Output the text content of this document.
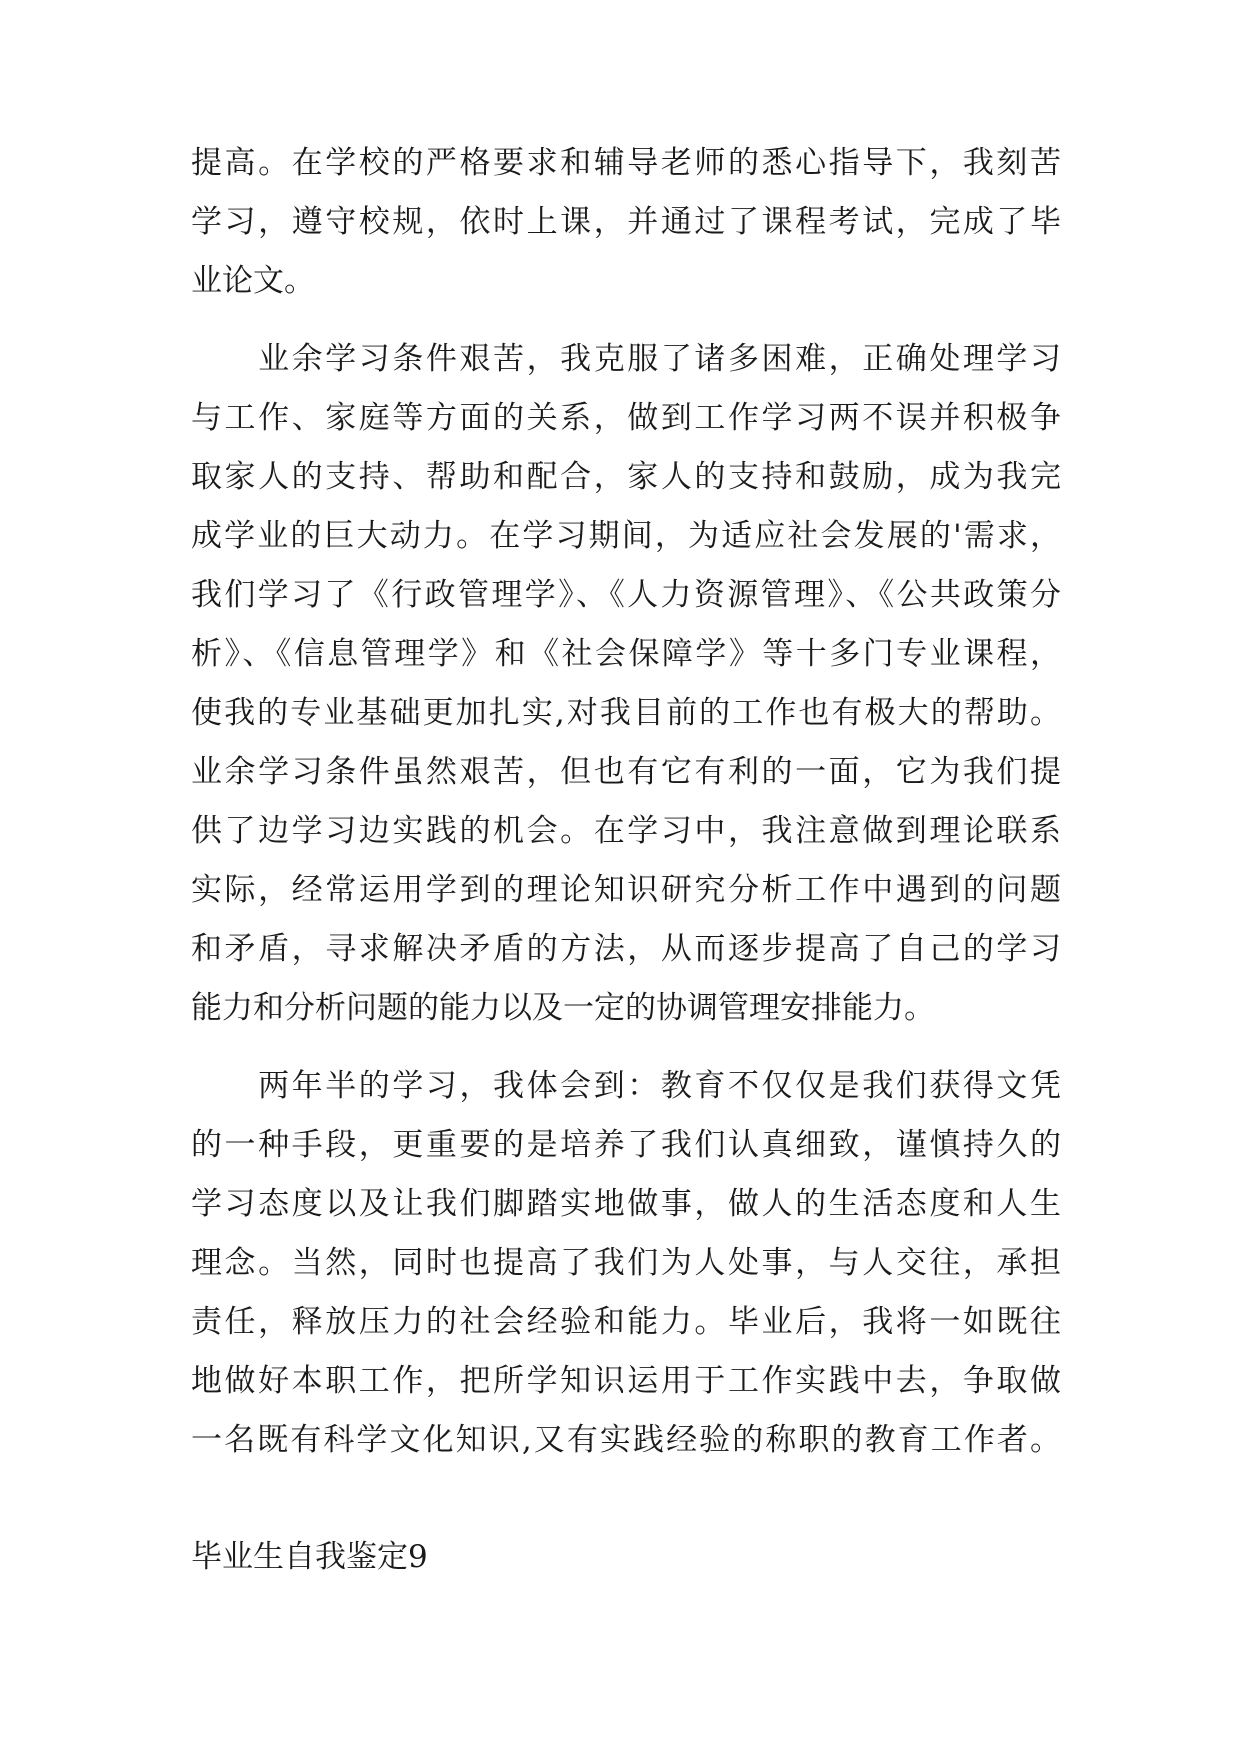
提高。在学校的严格要求和辅导老师的悉心指导下，我刻苦
学习，遵守校规，依时上课，并通过了课程考试，完成了毕
业论文。
　　业余学习条件艰苦，我克服了诸多困难，正确处理学习
与工作、家庭等方面的关系，做到工作学习两不误并积极争
取家人的支持、帮助和配合，家人的支持和鼓励，成为我完
成学业的巨大动力。在学习期间，为适应社会发展的'需求，
我们学习了《行政管理学》、《人力资源管理》、《公共政策分
析》、《信息管理学》和《社会保障学》等十多门专业课程，
使我的专业基础更加扎实,对我目前的工作也有极大的帮助。
业余学习条件虽然艰苦，但也有它有利的一面，它为我们提
供了边学习边实践的机会。在学习中，我注意做到理论联系
实际，经常运用学到的理论知识研究分析工作中遇到的问题
和矛盾，寻求解决矛盾的方法，从而逐步提高了自己的学习
能力和分析问题的能力以及一定的协调管理安排能力。
　　两年半的学习，我体会到：教育不仅仅是我们获得文凭
的一种手段，更重要的是培养了我们认真细致，谨慎持久的
学习态度以及让我们脚踏实地做事，做人的生活态度和人生
理念。当然，同时也提高了我们为人处事，与人交往，承担
责任，释放压力的社会经验和能力。毕业后，我将一如既往
地做好本职工作，把所学知识运用于工作实践中去，争取做
一名既有科学文化知识,又有实践经验的称职的教育工作者。
毕业生自我鉴定9
